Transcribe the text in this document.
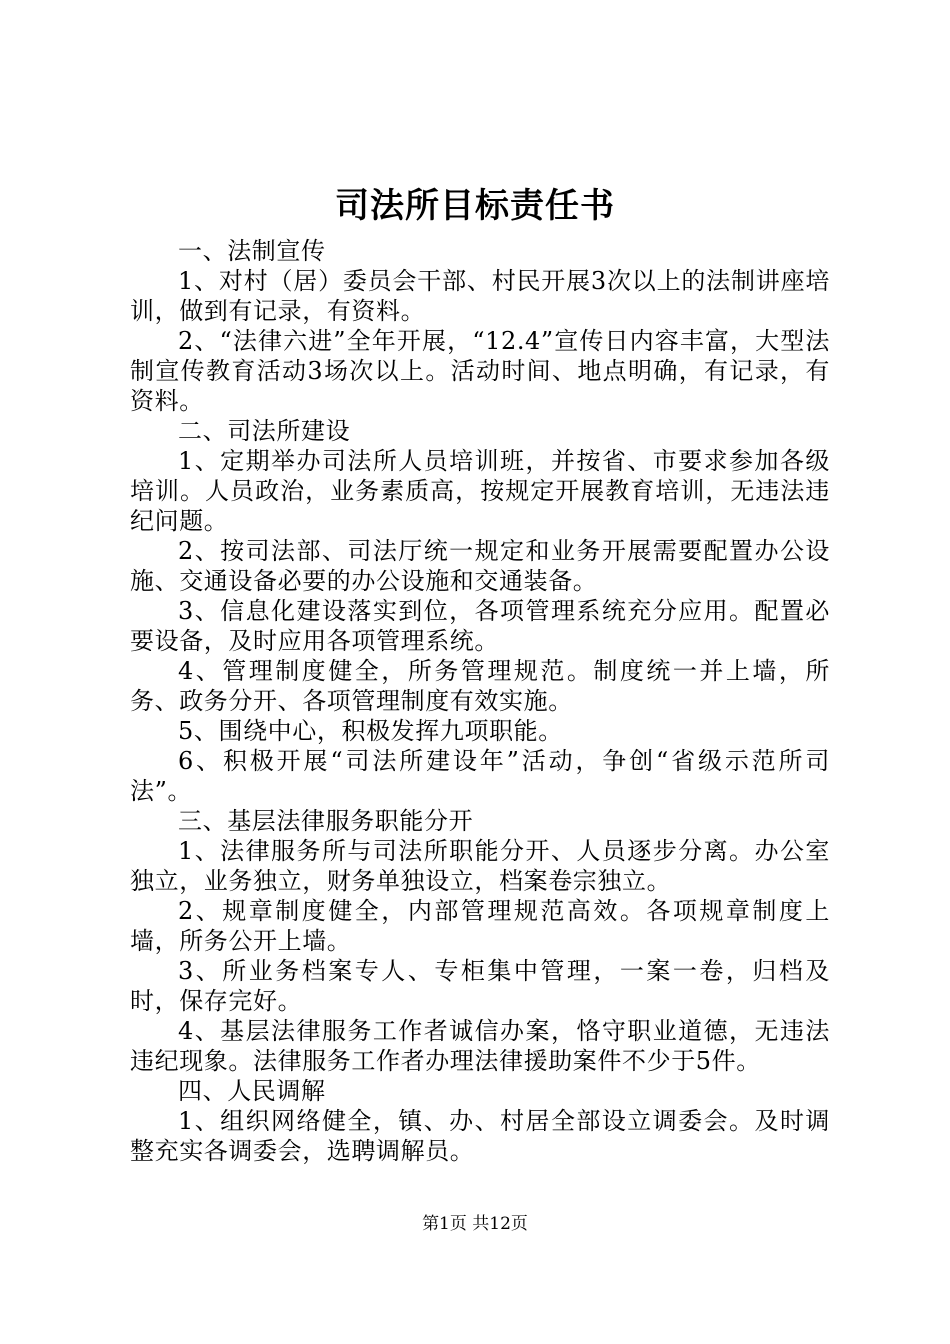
司法所目标责任书

一、法制宣传

1、对村（居）委员会干部、村民开展3次以上的法制讲座培训，做到有记录，有资料。

2、“法律六进”全年开展，“12.4”宣传日内容丰富，大型法制宣传教育活动3场次以上。活动时间、地点明确，有记录，有资料。

二、司法所建设

1、定期举办司法所人员培训班，并按省、市要求参加各级培训。人员政治，业务素质高，按规定开展教育培训，无违法违纪问题。

2、按司法部、司法厅统一规定和业务开展需要配置办公设施、交通设备必要的办公设施和交通装备。

3、信息化建设落实到位，各项管理系统充分应用。配置必要设备，及时应用各项管理系统。

4、管理制度健全，所务管理规范。制度统一并上墙，所务、政务分开、各项管理制度有效实施。

5、围绕中心，积极发挥九项职能。

6、积极开展“司法所建设年”活动，争创“省级示范所司法”。

三、基层法律服务职能分开

1、法律服务所与司法所职能分开、人员逐步分离。办公室独立，业务独立，财务单独设立，档案卷宗独立。

2、规章制度健全，内部管理规范高效。各项规章制度上墙，所务公开上墙。

3、所业务档案专人、专柜集中管理，一案一卷，归档及时，保存完好。

4、基层法律服务工作者诚信办案，恪守职业道德，无违法违纪现象。法律服务工作者办理法律援助案件不少于5件。

四、人民调解

1、组织网络健全，镇、办、村居全部设立调委会。及时调整充实各调委会，选聘调解员。

第1页 共12页
